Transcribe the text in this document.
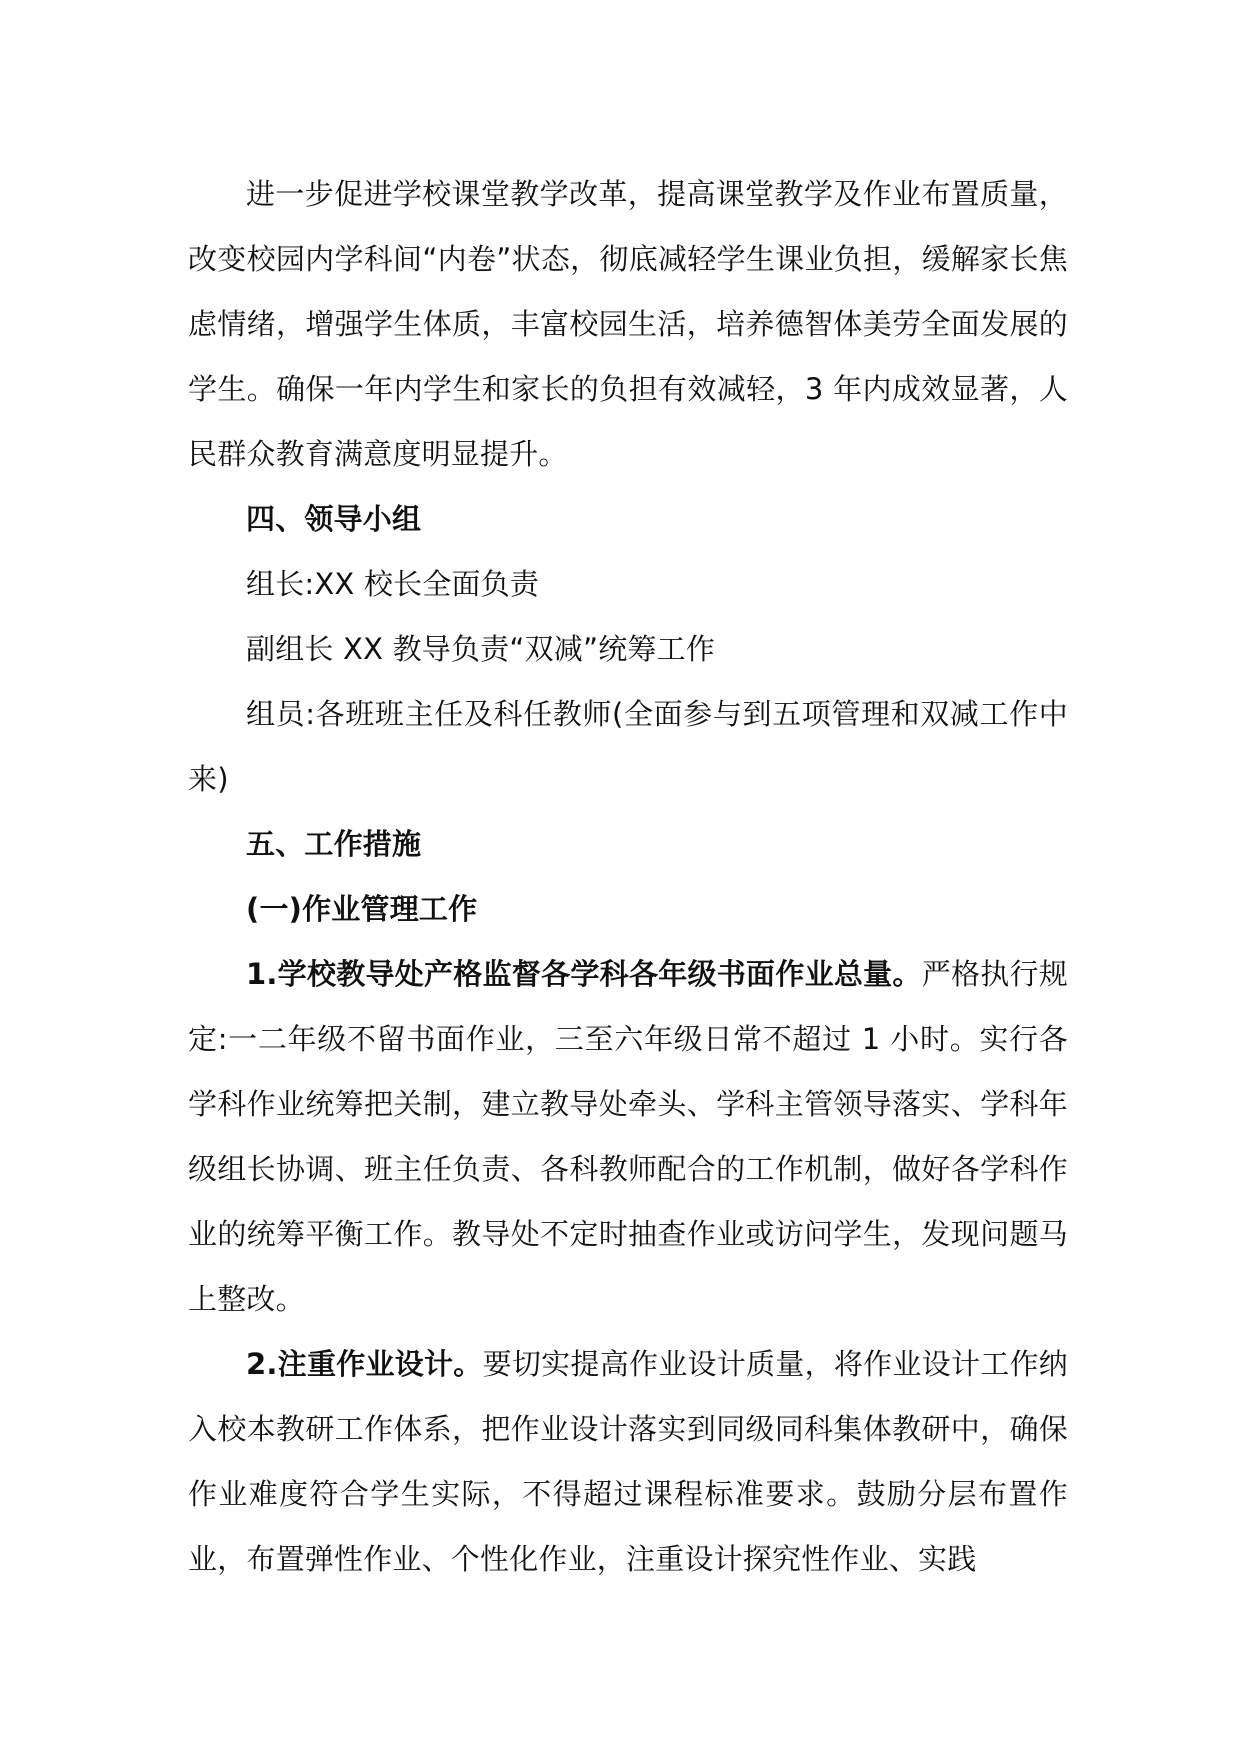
进一步促进学校课堂教学改革，提高课堂教学及作业布置质量，改变校园内学科间“内卷”状态，彻底减轻学生课业负担，缓解家长焦虑情绪，增强学生体质，丰富校园生活，培养德智体美劳全面发展的学生。确保一年内学生和家长的负担有效减轻，3 年内成效显著，人民群众教育满意度明显提升。

四、领导小组

组长:XX 校长全面负责

副组长 XX 教导负责“双减”统筹工作

组员:各班班主任及科任教师(全面参与到五项管理和双减工作中来)

五、工作措施

(一)作业管理工作

1.学校教导处产格监督各学科各年级书面作业总量。严格执行规定:一二年级不留书面作业，三至六年级日常不超过 1 小时。实行各学科作业统筹把关制，建立教导处牵头、学科主管领导落实、学科年级组长协调、班主任负责、各科教师配合的工作机制，做好各学科作业的统筹平衡工作。教导处不定时抽查作业或访问学生，发现问题马上整改。

2.注重作业设计。要切实提高作业设计质量，将作业设计工作纳入校本教研工作体系，把作业设计落实到同级同科集体教研中，确保作业难度符合学生实际，不得超过课程标准要求。鼓励分层布置作业，布置弹性作业、个性化作业，注重设计探究性作业、实践
